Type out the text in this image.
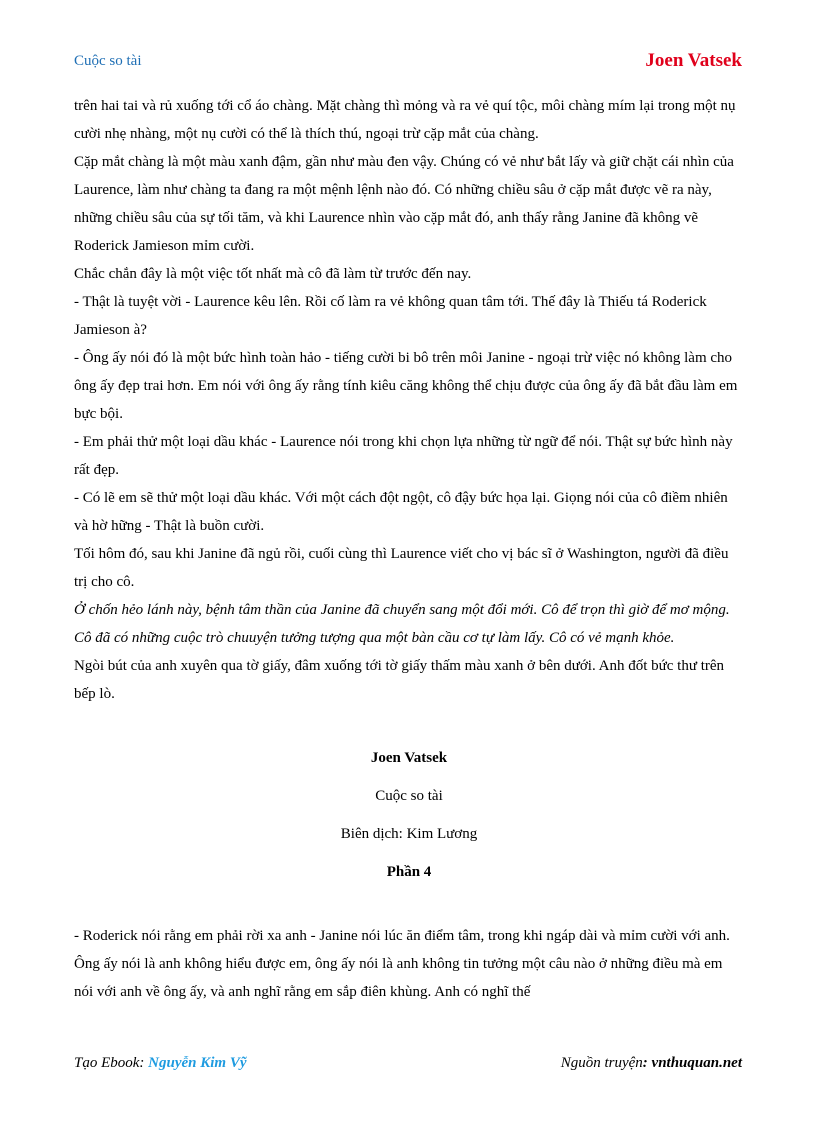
Cuộc so tài	Joen Vatsek

trên hai tai và rủ xuống tới cổ áo chàng. Mặt chàng thì mỏng và ra vẻ quí tộc, môi chàng mím lại trong một nụ cười nhẹ nhàng, một nụ cười có thể là thích thú, ngoại trừ cặp mắt của chàng.

Cặp mắt chàng là một màu xanh đậm, gần như màu đen vậy. Chúng có vẻ như bắt lấy và giữ chặt cái nhìn của Laurence, làm như chàng ta đang ra một mệnh lệnh nào đó. Có những chiều sâu ở cặp mắt được vẽ ra này, những chiều sâu của sự tối tăm, và khi Laurence nhìn vào cặp mắt đó, anh thấy rằng Janine đã không vẽ Roderick Jamieson mỉm cười.

Chắc chắn đây là một việc tốt nhất mà cô đã làm từ trước đến nay.

- Thật là tuyệt vời - Laurence kêu lên. Rồi cố làm ra vẻ không quan tâm tới. Thế đây là Thiếu tá Roderick Jamieson à?

- Ông ấy nói đó là một bức hình toàn hảo - tiếng cười bi bô trên môi Janine - ngoại trừ việc nó không làm cho ông ấy đẹp trai hơn. Em nói với ông ấy rằng tính kiêu căng không thể chịu được của ông ấy đã bắt đầu làm em bực bội.

- Em phải thử một loại dầu khác - Laurence nói trong khi chọn lựa những từ ngữ để nói. Thật sự bức hình này rất đẹp.

- Có lẽ em sẽ thử một loại dầu khác. Với một cách đột ngột, cô đậy bức họa lại. Giọng nói của cô điềm nhiên và hờ hững - Thật là buồn cười.

Tối hôm đó, sau khi Janine đã ngủ rồi, cuối cùng thì Laurence viết cho vị bác sĩ ở Washington, người đã điều trị cho cô.

Ở chốn hẻo lánh này, bệnh tâm thần của Janine đã chuyển sang một đổi mới. Cô để trọn thì giờ để mơ mộng. Cô đã có những cuộc trò chuuyện tưởng tượng qua một bàn cầu cơ tự làm lấy. Cô có vẻ mạnh khỏe.

Ngòi bút của anh xuyên qua tờ giấy, đâm xuống tới tờ giấy thấm màu xanh ở bên dưới. Anh đốt bức thư trên bếp lò.

Joen Vatsek

Cuộc so tài

Biên dịch: Kim Lương

Phần 4

- Roderick nói rằng em phải rời xa anh - Janine nói lúc ăn điểm tâm, trong khi ngáp dài và mỉm cười với anh. Ông ấy nói là anh không hiểu được em, ông ấy nói là anh không tin tưởng một câu nào ở những điều mà em nói với anh về ông ấy, và anh nghĩ rằng em sắp điên khùng. Anh có nghĩ thế

Tạo Ebook: Nguyễn Kim Vỹ	Nguồn truyện: vnthuquan.net
